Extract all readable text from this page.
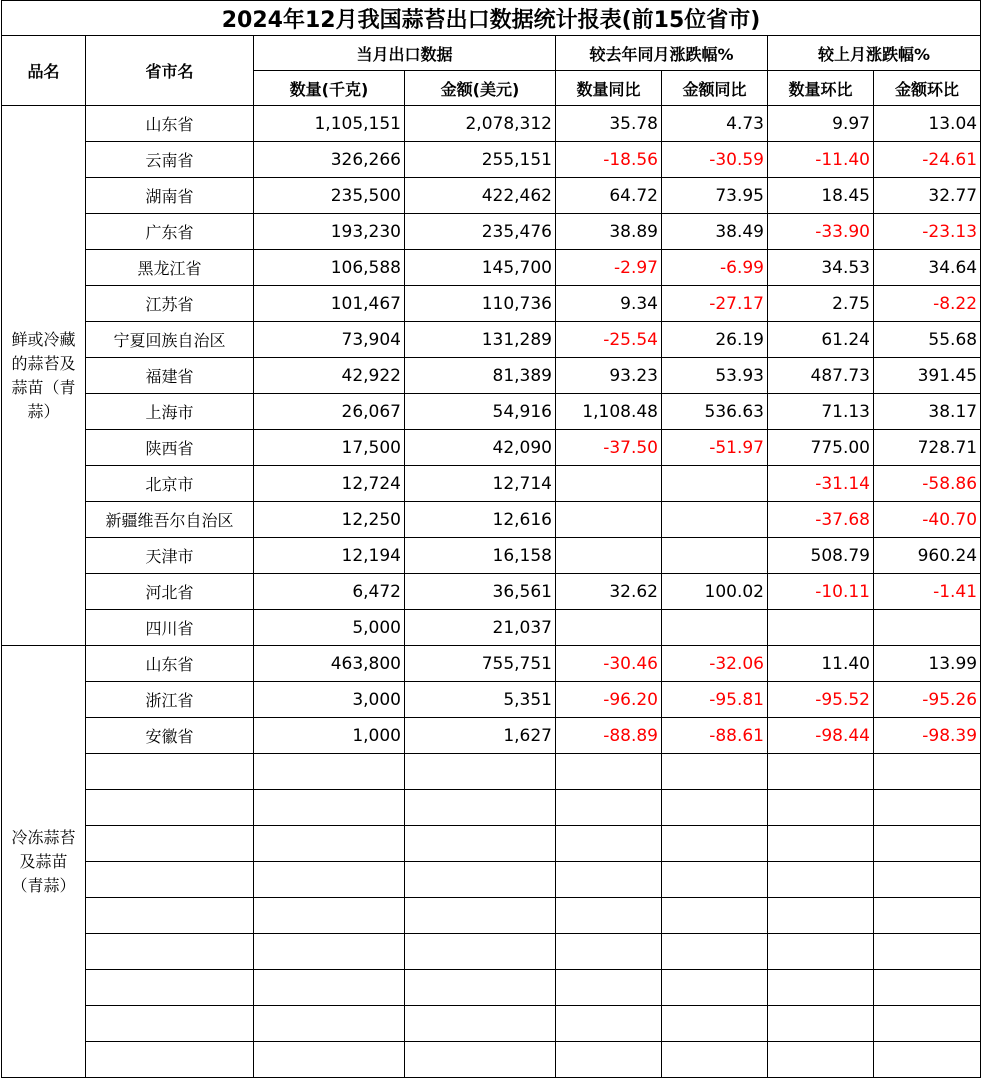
2024年12月我国蒜苔出口数据统计报表(前15位省市)							
品名	省市名	当月出口数据		较去年同月涨跌幅%		较上月涨跌幅%	
		数量(千克)	金额(美元)	数量同比	金额同比	数量环比	金额环比
鲜或冷藏的蒜苔及蒜苗（青蒜）	山东省	1,105,151	2,078,312	35.78	4.73	9.97	13.04
	云南省	326,266	255,151	-18.56	-30.59	-11.40	-24.61
	湖南省	235,500	422,462	64.72	73.95	18.45	32.77
	广东省	193,230	235,476	38.89	38.49	-33.90	-23.13
	黑龙江省	106,588	145,700	-2.97	-6.99	34.53	34.64
	江苏省	101,467	110,736	9.34	-27.17	2.75	-8.22
	宁夏回族自治区	73,904	131,289	-25.54	26.19	61.24	55.68
	福建省	42,922	81,389	93.23	53.93	487.73	391.45
	上海市	26,067	54,916	1,108.48	536.63	71.13	38.17
	陕西省	17,500	42,090	-37.50	-51.97	775.00	728.71
	北京市	12,724	12,714			-31.14	-58.86
	新疆维吾尔自治区	12,250	12,616			-37.68	-40.70
	天津市	12,194	16,158			508.79	960.24
	河北省	6,472	36,561	32.62	100.02	-10.11	-1.41
	四川省	5,000	21,037				
冷冻蒜苔及蒜苗（青蒜）	山东省	463,800	755,751	-30.46	-32.06	11.40	13.99
	浙江省	3,000	5,351	-96.20	-95.81	-95.52	-95.26
	安徽省	1,000	1,627	-88.89	-88.61	-98.44	-98.39
